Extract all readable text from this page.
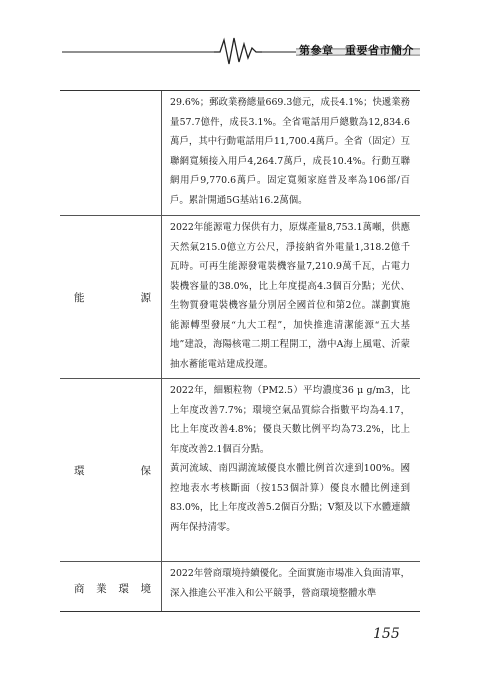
第參章　重要省市簡介

29.6%；郵政業務總量669.3億元，成長4.1%；快遞業務量57.7億件，成長3.1%。全省電話用戶總數為12,834.6萬戶，其中行動電話用戶11,700.4萬戶。全省（固定）互聯網寬頻接入用戶4,264.7萬戶，成長10.4%。行動互聯網用戶9,770.6萬戶。固定寬頻家庭普及率為106部/百戶。累計開通5G基站16.2萬個。

能	源

2022年能源電力保供有力，原煤產量8,753.1萬噸，供應天然氣215.0億立方公尺，淨接納省外電量1,318.2億千瓦時。可再生能源發電裝機容量7,210.9萬千瓦，占電力裝機容量的38.0%，比上年度提高4.3個百分點；光伏、生物質發電裝機容量分別居全國首位和第2位。謀劃實施能源轉型發展“九大工程”，加快推進清潔能源“五大基地”建設，海陽核電二期工程開工，渤中A海上風電、沂蒙抽水蓄能電站建成投運。

環	保

2022年，細顆粒物（PM2.5）平均濃度36 μ g/m3，比上年度改善7.7%；環境空氣品質綜合指數平均為4.17，比上年度改善4.8%；優良天數比例平均為73.2%，比上年度改善2.1個百分點。

黃河流域、南四湖流域優良水體比例首次達到100%。國控地表水考核斷面（按153個計算）優良水體比例達到83.0%，比上年度改善5.2個百分點；V類及以下水體連續两年保持清零。

商 業 環 境

2022年營商環境持續優化。全面實施市場准入負面清單，深入推進公平准入和公平競爭，營商環境整體水準

155
